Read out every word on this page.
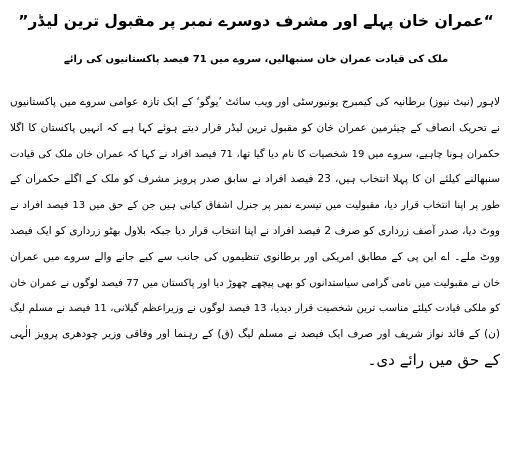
“عمران خان پہلے اور مشرف دوسرے نمبر پر مقبول ترین لیڈر”
ملک کی قیادت عمران خان سنبھالیں، سروے میں 71 فیصد پاکستانیوں کی رائے
لاہور (نیٹ نیوز) برطانیہ کی کیمبرج یونیورسٹی اور ویب سائٹ ’یوگو‘ کے ایک تازہ عوامی سروے میں پاکستانیوں
نے تحریک انصاف کے چیئرمین عمران خان کو مقبول ترین لیڈر قرار دیتے ہوئے کہا ہے کہ انہیں پاکستان کا اگلا
حکمران ہونا چاہیے، سروے میں 19 شخصیات کا نام دیا گیا تھا، 71 فیصد افراد نے کہا کہ عمران خان ملک کی قیادت
سنبھالنے کیلئے ان کا پہلا انتخاب ہیں، 23 فیصد افراد نے سابق صدر پرویز مشرف کو ملک کے اگلے حکمران کے
طور پر اپنا انتخاب قرار دیا، مقبولیت میں تیسرے نمبر پر جنرل اشفاق کیانی ہیں جن کے حق میں 13 فیصد افراد نے
ووٹ دیا، صدر آصف زرداری کو صرف 2 فیصد افراد نے اپنا انتخاب قرار دیا جبکہ بلاول بھٹو زرداری کو ایک فیصد
ووٹ ملے۔ اے این پی کے مطابق امریکی اور برطانوی تنظیموں کی جانب سے کیے جانے والے سروے میں عمران
خان نے مقبولیت میں نامی گرامی سیاستدانوں کو بھی پیچھے چھوڑ دیا اور پاکستان میں 77 فیصد لوگوں نے عمران خان
کو ملکی قیادت کیلئے مناسب ترین شخصیت قرار دیدیا، 13 فیصد لوگوں نے وزیراعظم گیلانی، 11 فیصد نے مسلم لیگ
(ن) کے قائد نواز شریف اور صرف ایک فیصد نے مسلم لیگ (ق) کے رہنما اور وفاقی وزیر چودھری پرویز الٰہی
کے حق میں رائے دی۔
